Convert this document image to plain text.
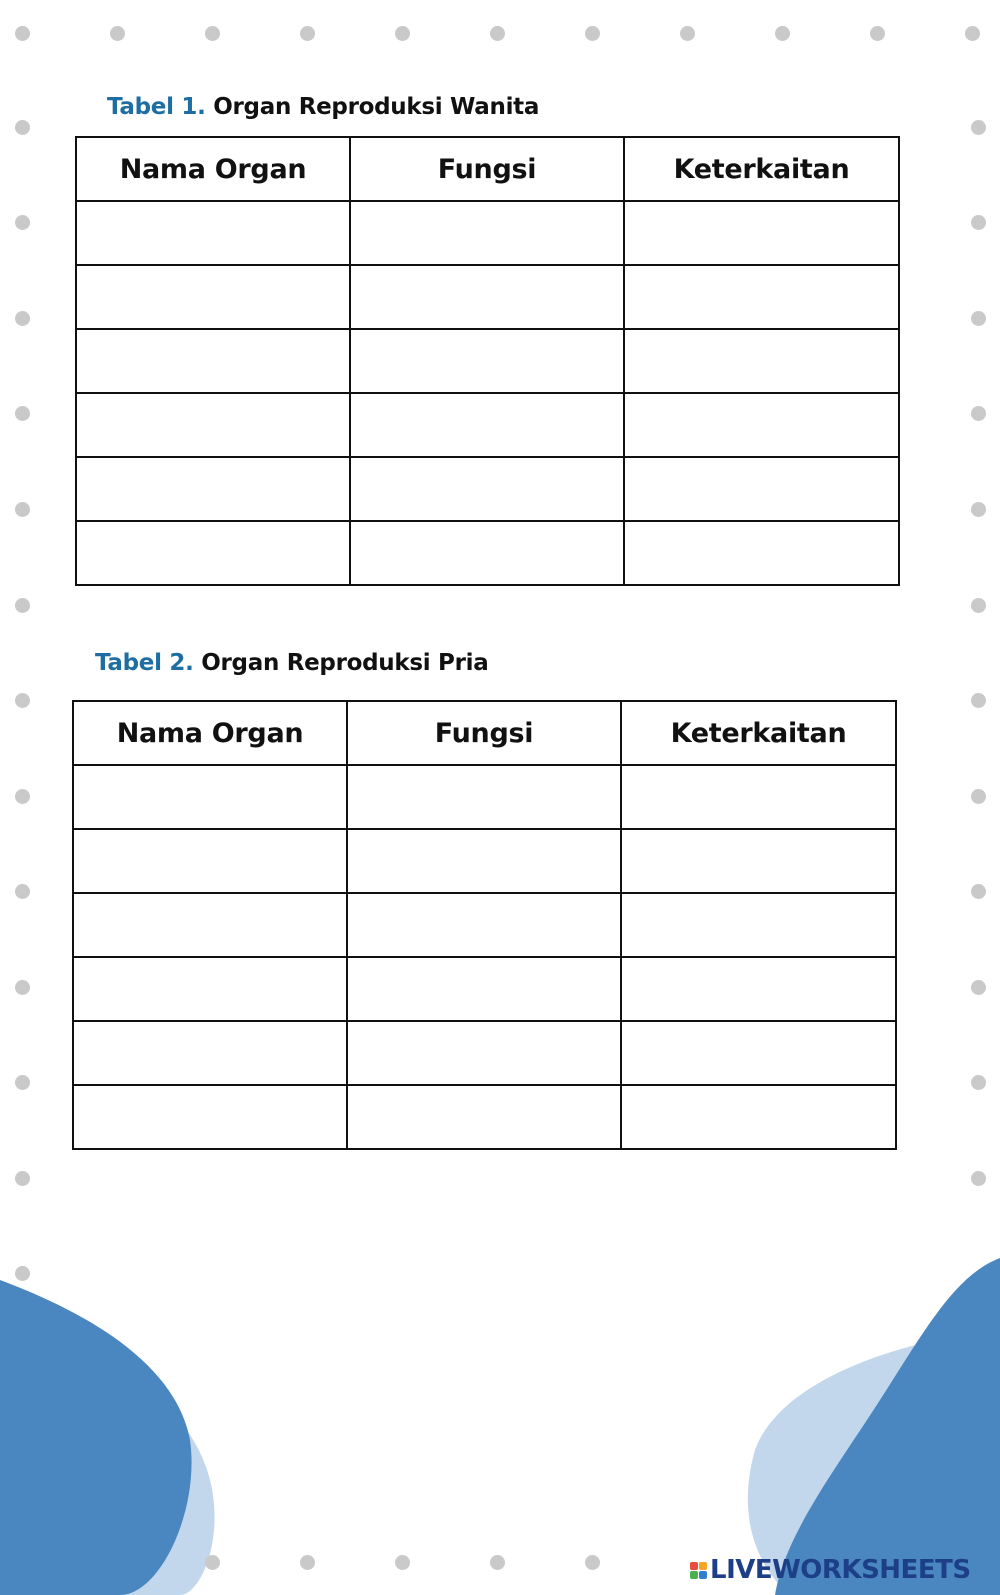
Tabel 1. Organ Reproduksi Wanita
Nama Organ	Fungsi	Keterkaitan

Tabel 2. Organ Reproduksi Pria
Nama Organ	Fungsi	Keterkaitan

LIVEWORKSHEETS
